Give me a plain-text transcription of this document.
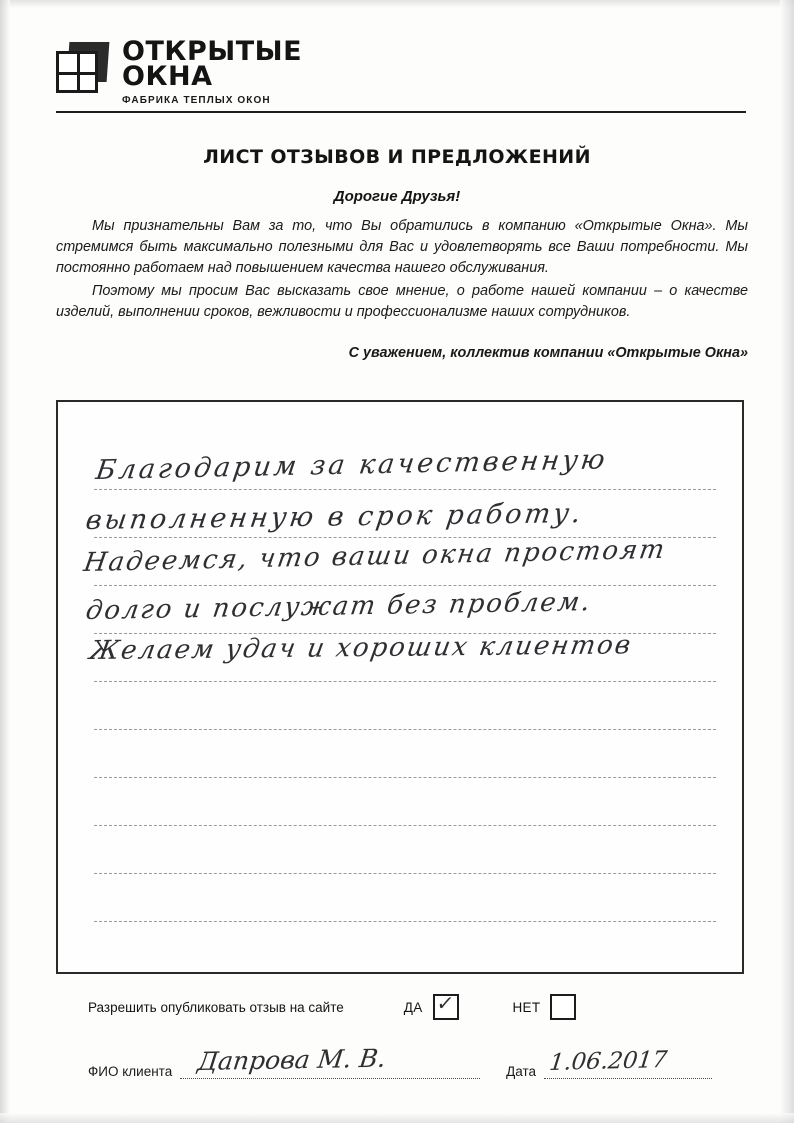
ОТКРЫТЫЕ
ОКНА
ФАБРИКА ТЕПЛЫХ ОКОН
ЛИСТ ОТЗЫВОВ И ПРЕДЛОЖЕНИЙ
Дорогие Друзья!

Мы признательны Вам за то, что Вы обратились в компанию «Открытые Окна». Мы стремимся быть максимально полезными для Вас и удовлетворять все Ваши потребности. Мы постоянно работаем над повышением качества нашего обслуживания.

Поэтому мы просим Вас высказать свое мнение, о работе нашей компании – о качестве изделий, выполнении сроков, вежливости и профессионализме наших сотрудников.

С уважением, коллектив компании «Открытые Окна»
Благодарим за качественную
выполненную в срок работу.
Надеемся, что ваши окна простоят
долго и послужат без проблем.
Желаем удач и хороших клиентов
Разрешить опубликовать отзыв на сайте	ДА ✓	НЕТ
ФИО клиента Дапрова М. В.	Дата 1.06.2017
